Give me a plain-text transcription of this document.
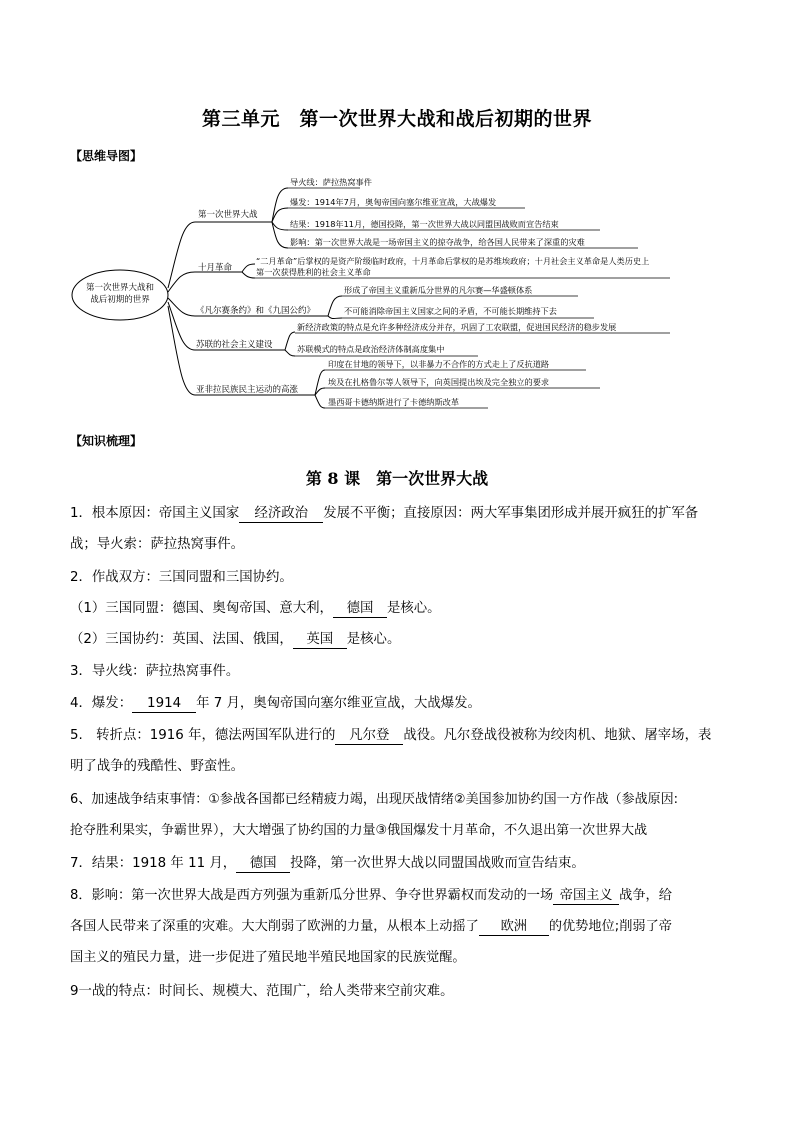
第三单元　第一次世界大战和战后初期的世界
【思维导图】
第一次世界大战和
战后初期的世界
第一次世界大战
导火线：萨拉热窝事件
爆发：1914年7月，奥匈帝国向塞尔维亚宣战，大战爆发
结果：1918年11月，德国投降，第一次世界大战以同盟国战败而宣告结束
影响：第一次世界大战是一场帝国主义的掠夺战争，给各国人民带来了深重的灾难
十月革命
“二月革命”后掌权的是资产阶级临时政府，十月革命后掌权的是苏维埃政府；十月社会主义革命是人类历史上
第一次获得胜利的社会主义革命
《凡尔赛条约》和《九国公约》
形成了帝国主义重新瓜分世界的凡尔赛—华盛顿体系
不可能消除帝国主义国家之间的矛盾，不可能长期维持下去
苏联的社会主义建设
新经济政策的特点是允许多种经济成分并存，巩固了工农联盟，促进国民经济的稳步发展
苏联模式的特点是政治经济体制高度集中
亚非拉民族民主运动的高涨
印度在甘地的领导下，以非暴力不合作的方式走上了反抗道路
埃及在扎格鲁尔等人领导下，向英国提出埃及完全独立的要求
墨西哥卡德纳斯进行了卡德纳斯改革
【知识梳理】
第 8 课　第一次世界大战
1．根本原因：帝国主义国家 经济政治 发展不平衡；直接原因：两大军事集团形成并展开疯狂的扩军备
战；导火索：萨拉热窝事件。
2．作战双方：三国同盟和三国协约。
（1）三国同盟：德国、奥匈帝国、意大利， 德国 是核心。
（2）三国协约：英国、法国、俄国， 英国 是核心。
3．导火线：萨拉热窝事件。
4．爆发： 1914 年 7 月，奥匈帝国向塞尔维亚宣战，大战爆发。
5.　转折点：1916 年，德法两国军队进行的 凡尔登 战役。凡尔登战役被称为绞肉机、地狱、屠宰场，表
明了战争的残酷性、野蛮性。
6、加速战争结束事情：①参战各国都已经精疲力竭，出现厌战情绪②美国参加协约国一方作战（参战原因:
抢夺胜利果实，争霸世界），大大增强了协约国的力量③俄国爆发十月革命，不久退出第一次世界大战
7．结果：1918 年 11 月， 德国 投降，第一次世界大战以同盟国战败而宣告结束。
8．影响：第一次世界大战是西方列强为重新瓜分世界、争夺世界霸权而发动的一场 帝国主义 战争，给
各国人民带来了深重的灾难。大大削弱了欧洲的力量，从根本上动摇了 欧洲 的优势地位;削弱了帝
国主义的殖民力量，进一步促进了殖民地半殖民地国家的民族觉醒。
9一战的特点：时间长、规模大、范围广，给人类带来空前灾难。
